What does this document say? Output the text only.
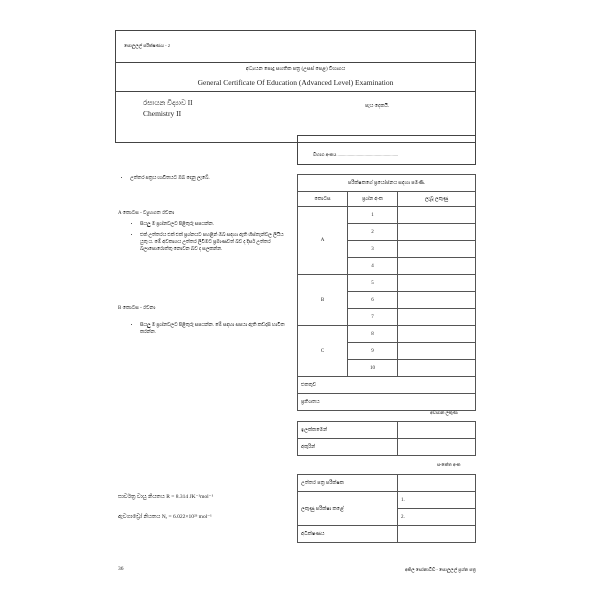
සොලුලල් පරීක්ෂණය - 2
අධ්‍යයන පොදු සහතික පත්‍ර (උසස් පෙළ) විභාගය
General Certificate Of Education (Advanced Level) Examination
රසායන විද්‍යාව II
Chemistry II
පැය දෙකයි.
විභාග අංකය ......................................................
• උත්තර පත්‍රය භාවිතයට ඔබ දෙනු ලැබේ.
A කොටස - ව්‍යුහගත රචනා
• සියලු ම ප්‍රශ්නවලට පිළිතුරු සපයන්න.
• එක් උත්තරය එක් එක් ප්‍රශ්නයට පහළින් ඔබ සඳහා ඇති හිස්තැන්වල ලියිය යුතු ය. මේ අවකාශය උත්තර ලිවීමට ප්‍රමාණවත් බව ද දීර්ඝ උත්තර බලාපොරොත්තු නොවන බව ද සලකන්න.
B කොටස - රචනා
• සියලු ම ප්‍රශ්නවලට පිළිතුරු සපයන්න. මේ සඳහා සපයා ඇති කඩදාසි භාවිත කරන්න.
පරීක්ෂකගේ ප්‍රයෝජනය සඳහා පමණි.		
කොටස	ප්‍රශ්න අංක	ලැබූ ලකුණු
A	1	
	2	
	3	
	4	
B	5	
	6	
	7	
C	8	
	9	
	10	
එකතුව		
ප්‍රතිශතය		
අවසාන ලකුණ
ඉලක්කමෙන්	
අකුරින්	
සංකේත අංක
උත්තර පත්‍ර පරීක්ෂක	
ලකුණු පරීක්ෂා කළේ	1.
	2.
අධීක්ෂණය	
සාර්වත්‍ර වායු නියතය R = 8.314 JK⁻¹mol⁻¹
ඇවගාඩ්‍රෝ නියතය Nₐ = 6.022×10²³ mol⁻¹
36	අකිල සෝනාටිඩ් - සොලුලල් ප්‍රශ්න පත්‍ර
